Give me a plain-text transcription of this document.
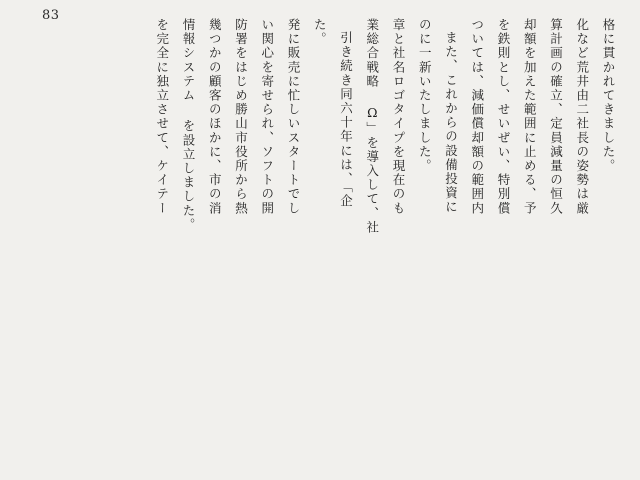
83
を完全に独立させて、ケイテー 情報システム を設立しました。 幾つかの顧客のほかに、市の消 防署をはじめ勝山市役所から熱 い関心を寄せられ、ソフトの開 発に販売に忙しいスタートでし た。 引き続き同六十年には、「企 業総合戦略 Ω」を導入して、社 章と社名ロゴタイプを現在のも のに一新いたしました。 また、これからの設備投資に ついては、減価償却額の範囲内 を鉄則とし、せいぜい、特別償 却額を加えた範囲に止める、予 算計画の確立、定員減量の恒久 化など荒井由二社長の姿勢は厳 格に貫かれてきました。
